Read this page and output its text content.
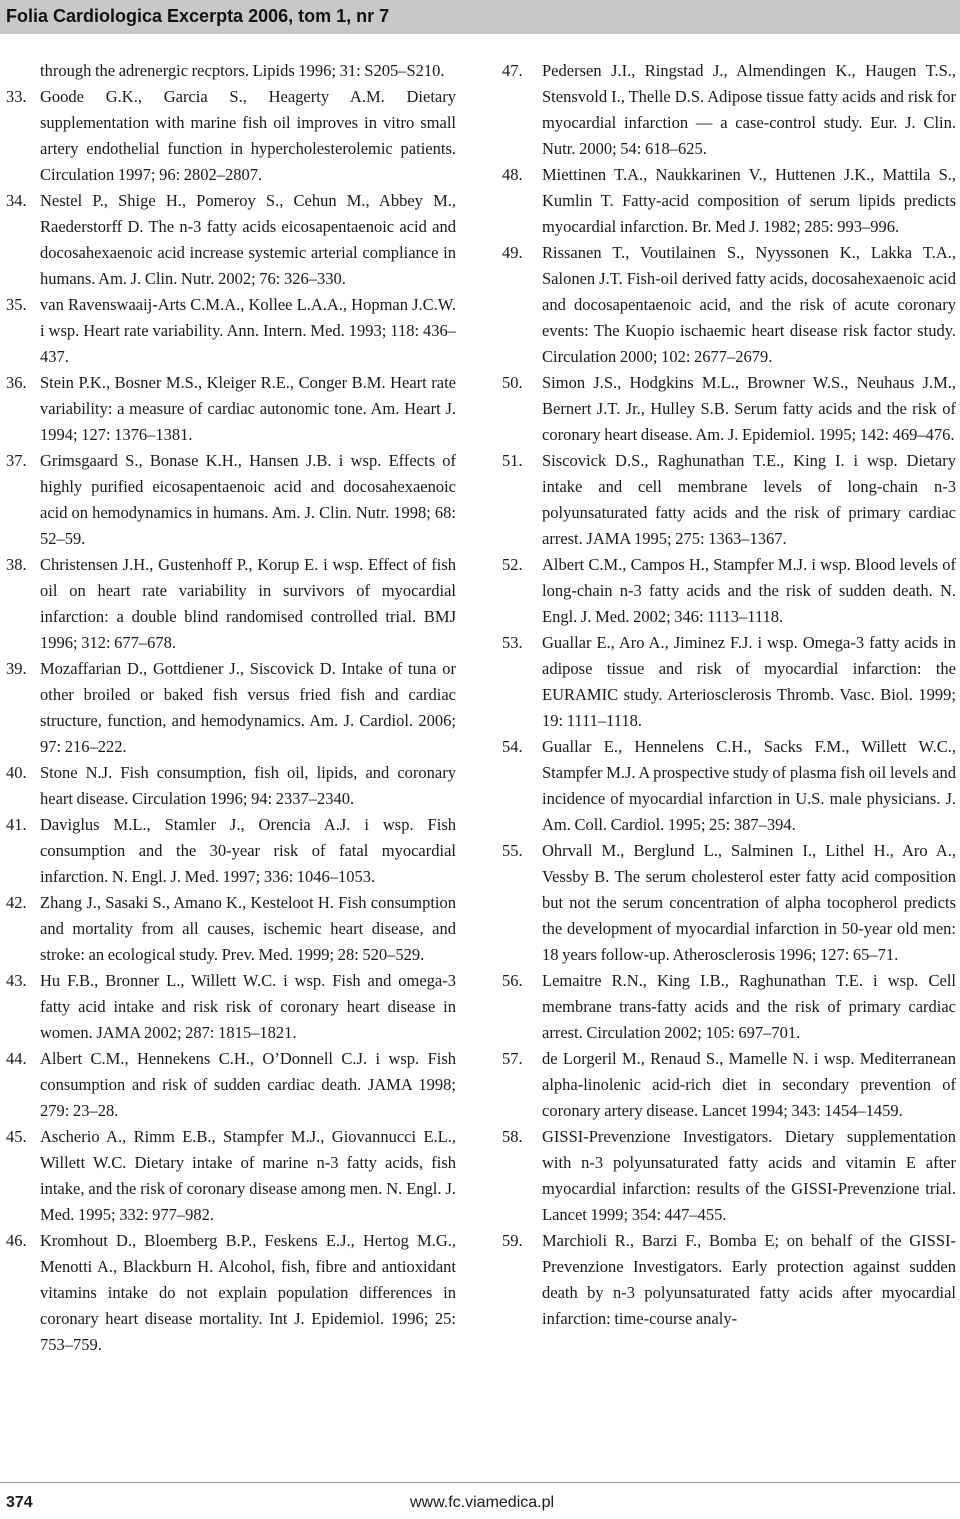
Folia Cardiologica Excerpta 2006, tom 1, nr 7
through the adrenergic recptors. Lipids 1996; 31: S205–S210.
33. Goode G.K., Garcia S., Heagerty A.M. Dietary supplementation with marine fish oil improves in vitro small artery endothelial function in hypercholesterolemic patients. Circulation 1997; 96: 2802–2807.
34. Nestel P., Shige H., Pomeroy S., Cehun M., Abbey M., Raederstorff D. The n-3 fatty acids eicosapentaenoic acid and docosahexaenoic acid increase systemic arterial compliance in humans. Am. J. Clin. Nutr. 2002; 76: 326–330.
35. van Ravenswaaij-Arts C.M.A., Kollee L.A.A., Hopman J.C.W. i wsp. Heart rate variability. Ann. Intern. Med. 1993; 118: 436–437.
36. Stein P.K., Bosner M.S., Kleiger R.E., Conger B.M. Heart rate variability: a measure of cardiac autonomic tone. Am. Heart J. 1994; 127: 1376–1381.
37. Grimsgaard S., Bonase K.H., Hansen J.B. i wsp. Effects of highly purified eicosapentaenoic acid and docosahexaenoic acid on hemodynamics in humans. Am. J. Clin. Nutr. 1998; 68: 52–59.
38. Christensen J.H., Gustenhoff P., Korup E. i wsp. Effect of fish oil on heart rate variability in survivors of myocardial infarction: a double blind randomised controlled trial. BMJ 1996; 312: 677–678.
39. Mozaffarian D., Gottdiener J., Siscovick D. Intake of tuna or other broiled or baked fish versus fried fish and cardiac structure, function, and hemodynamics. Am. J. Cardiol. 2006; 97: 216–222.
40. Stone N.J. Fish consumption, fish oil, lipids, and coronary heart disease. Circulation 1996; 94: 2337–2340.
41. Daviglus M.L., Stamler J., Orencia A.J. i wsp. Fish consumption and the 30-year risk of fatal myocardial infarction. N. Engl. J. Med. 1997; 336: 1046–1053.
42. Zhang J., Sasaki S., Amano K., Kesteloot H. Fish consumption and mortality from all causes, ischemic heart disease, and stroke: an ecological study. Prev. Med. 1999; 28: 520–529.
43. Hu F.B., Bronner L., Willett W.C. i wsp. Fish and omega-3 fatty acid intake and risk risk of coronary heart disease in women. JAMA 2002; 287: 1815–1821.
44. Albert C.M., Hennekens C.H., O’Donnell C.J. i wsp. Fish consumption and risk of sudden cardiac death. JAMA 1998; 279: 23–28.
45. Ascherio A., Rimm E.B., Stampfer M.J., Giovannucci E.L., Willett W.C. Dietary intake of marine n-3 fatty acids, fish intake, and the risk of coronary disease among men. N. Engl. J. Med. 1995; 332: 977–982.
46. Kromhout D., Bloemberg B.P., Feskens E.J., Hertog M.G., Menotti A., Blackburn H. Alcohol, fish, fibre and antioxidant vitamins intake do not explain population differences in coronary heart disease mortality. Int J. Epidemiol. 1996; 25: 753–759.
47. Pedersen J.I., Ringstad J., Almendingen K., Haugen T.S., Stensvold I., Thelle D.S. Adipose tissue fatty acids and risk for myocardial infarction — a case-control study. Eur. J. Clin. Nutr. 2000; 54: 618–625.
48. Miettinen T.A., Naukkarinen V., Huttenen J.K., Mattila S., Kumlin T. Fatty-acid composition of serum lipids predicts myocardial infarction. Br. Med J. 1982; 285: 993–996.
49. Rissanen T., Voutilainen S., Nyyssonen K., Lakka T.A., Salonen J.T. Fish-oil derived fatty acids, docosahexaenoic acid and docosapentaenoic acid, and the risk of acute coronary events: The Kuopio ischaemic heart disease risk factor study. Circulation 2000; 102: 2677–2679.
50. Simon J.S., Hodgkins M.L., Browner W.S., Neuhaus J.M., Bernert J.T. Jr., Hulley S.B. Serum fatty acids and the risk of coronary heart disease. Am. J. Epidemiol. 1995; 142: 469–476.
51. Siscovick D.S., Raghunathan T.E., King I. i wsp. Dietary intake and cell membrane levels of long-chain n-3 polyunsaturated fatty acids and the risk of primary cardiac arrest. JAMA 1995; 275: 1363–1367.
52. Albert C.M., Campos H., Stampfer M.J. i wsp. Blood levels of long-chain n-3 fatty acids and the risk of sudden death. N. Engl. J. Med. 2002; 346: 1113–1118.
53. Guallar E., Aro A., Jiminez F.J. i wsp. Omega-3 fatty acids in adipose tissue and risk of myocardial infarction: the EURAMIC study. Arteriosclerosis Thromb. Vasc. Biol. 1999; 19: 1111–1118.
54. Guallar E., Hennelens C.H., Sacks F.M., Willett W.C., Stampfer M.J. A prospective study of plasma fish oil levels and incidence of myocardial infarction in U.S. male physicians. J. Am. Coll. Cardiol. 1995; 25: 387–394.
55. Ohrvall M., Berglund L., Salminen I., Lithel H., Aro A., Vessby B. The serum cholesterol ester fatty acid composition but not the serum concentration of alpha tocopherol predicts the development of myocardial infarction in 50-year old men: 18 years follow-up. Atherosclerosis 1996; 127: 65–71.
56. Lemaitre R.N., King I.B., Raghunathan T.E. i wsp. Cell membrane trans-fatty acids and the risk of primary cardiac arrest. Circulation 2002; 105: 697–701.
57. de Lorgeril M., Renaud S., Mamelle N. i wsp. Mediterranean alpha-linolenic acid-rich diet in secondary prevention of coronary artery disease. Lancet 1994; 343: 1454–1459.
58. GISSI-Prevenzione Investigators. Dietary supplementation with n-3 polyunsaturated fatty acids and vitamin E after myocardial infarction: results of the GISSI-Prevenzione trial. Lancet 1999; 354: 447–455.
59. Marchioli R., Barzi F., Bomba E; on behalf of the GISSI-Prevenzione Investigators. Early protection against sudden death by n-3 polyunsaturated fatty acids after myocardial infarction: time-course analy-
374	www.fc.viamedica.pl
